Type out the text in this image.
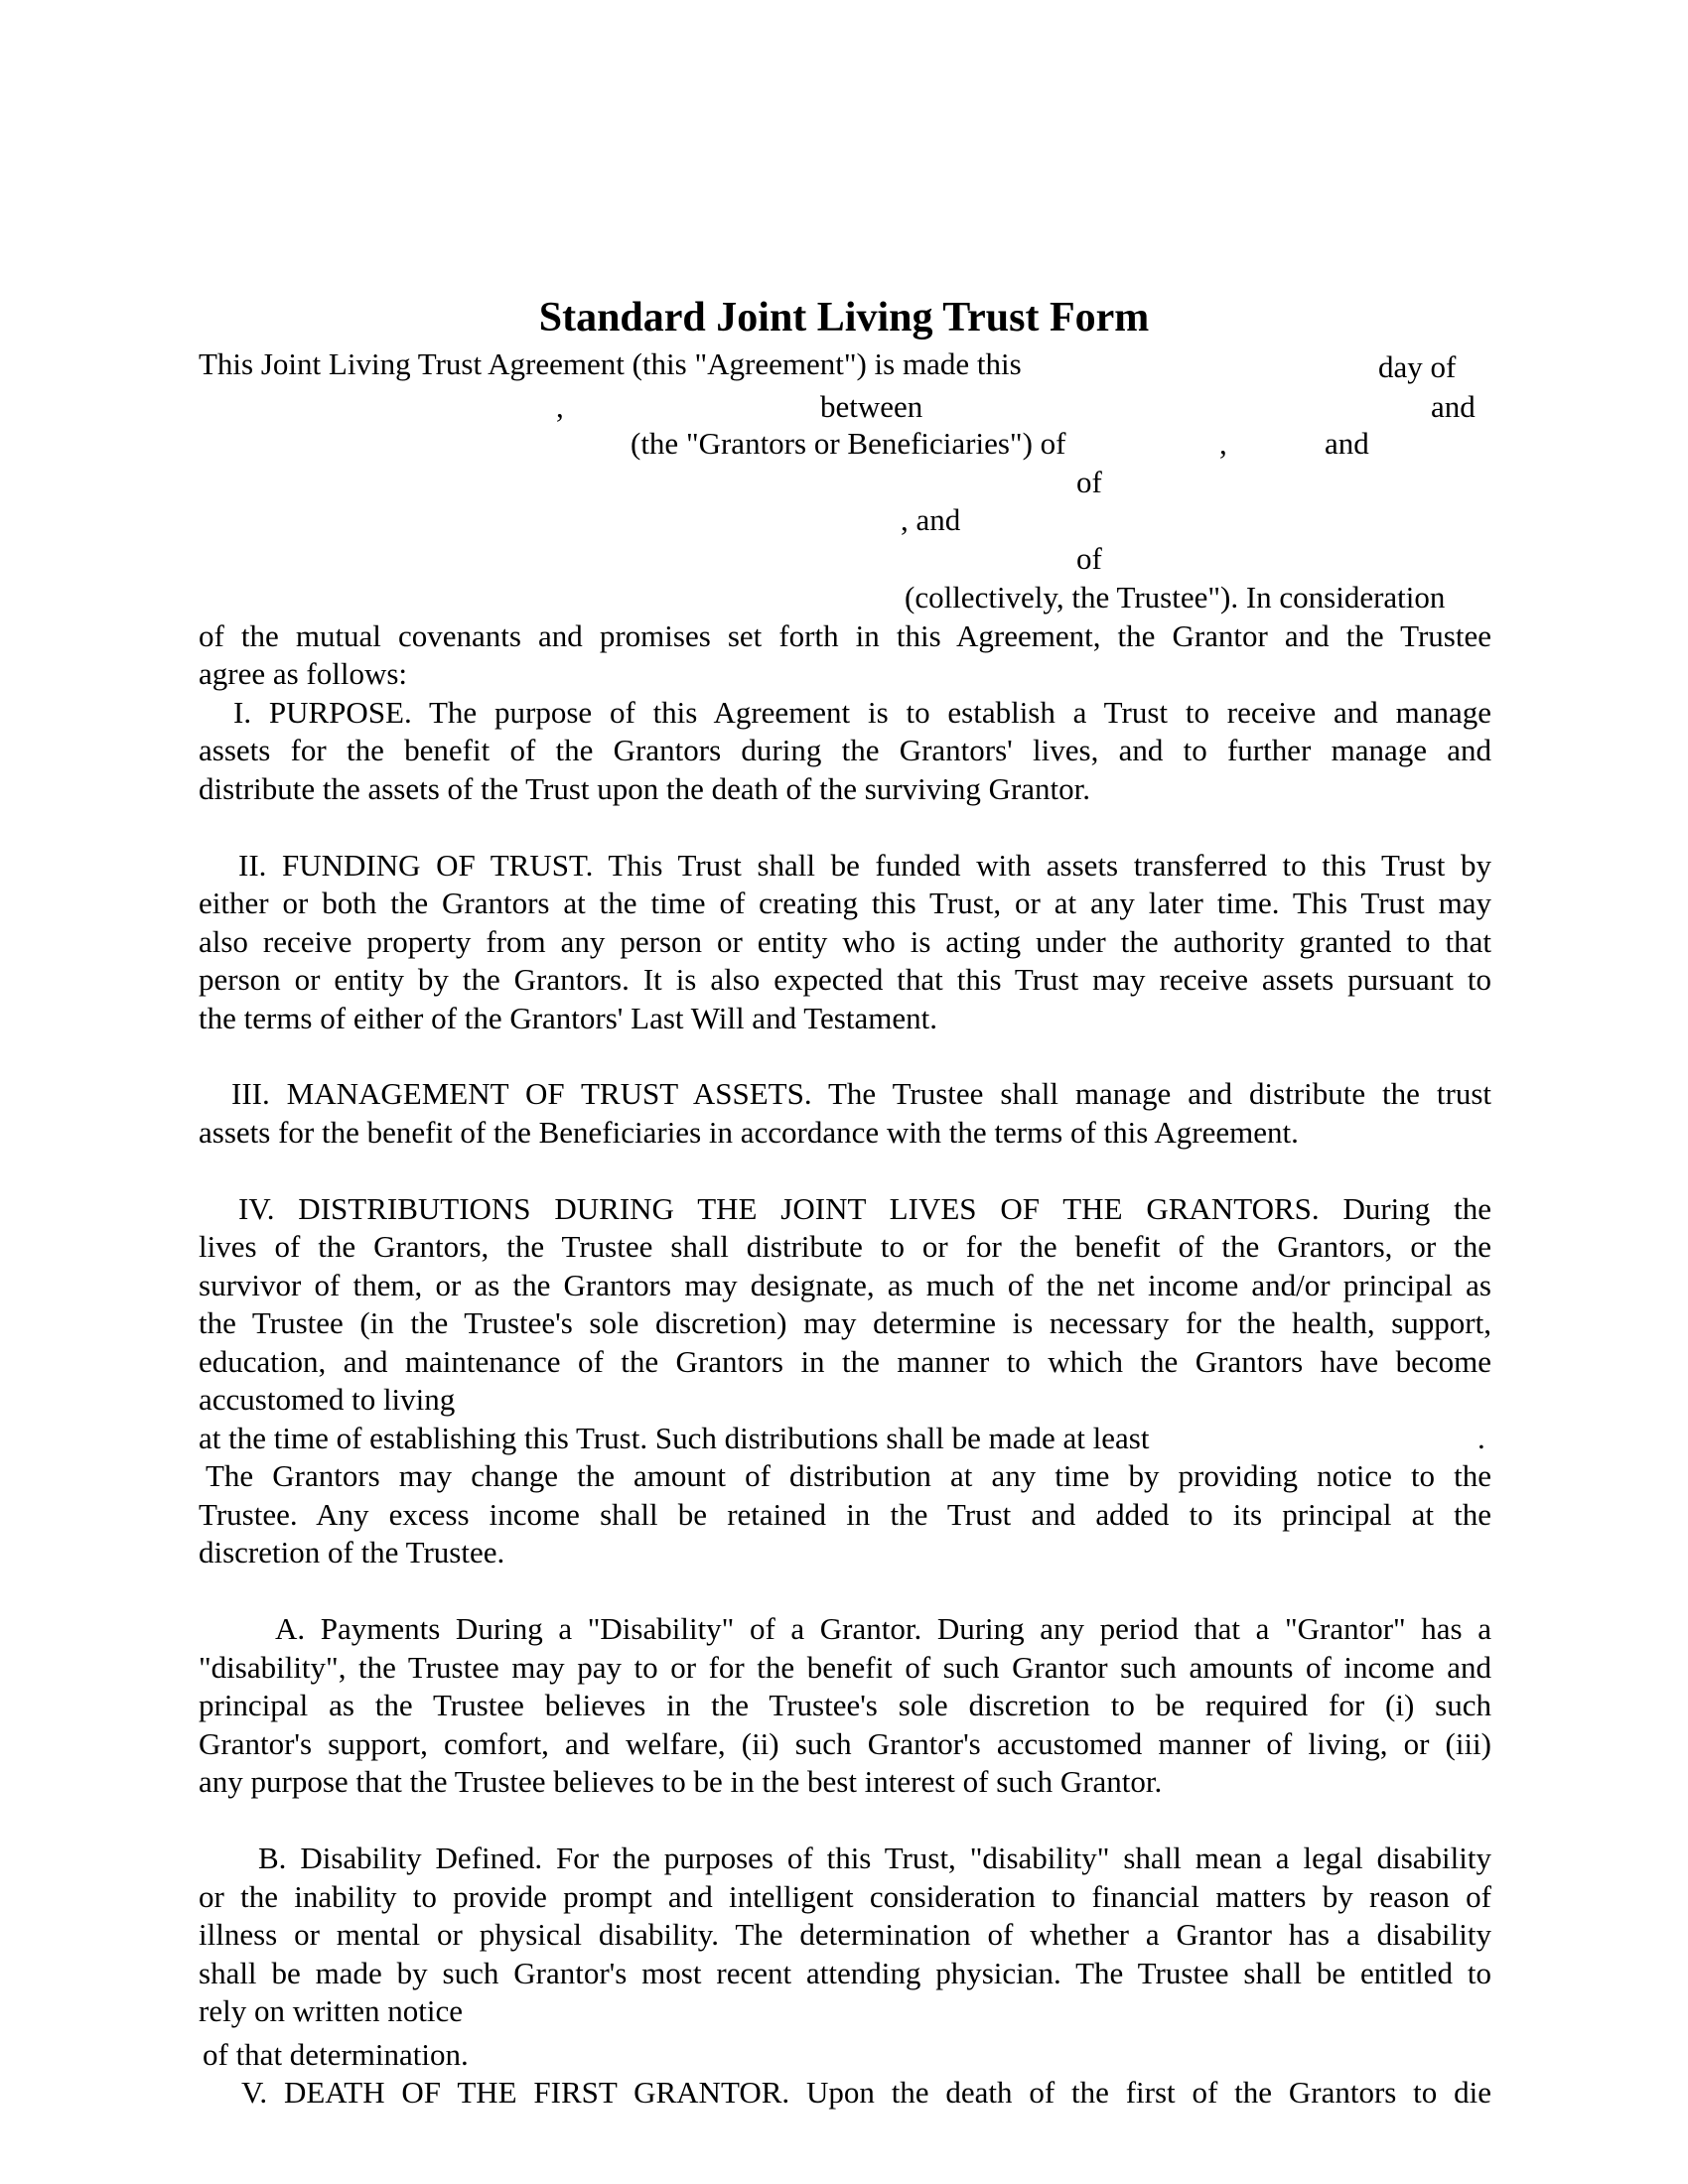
Standard Joint Living Trust Form
This Joint Living Trust Agreement (this "Agreement") is made this	day of
,	between	and
(the "Grantors or Beneficiaries") of	,	and
of
, and
of
(collectively, the Trustee"). In consideration
of the mutual covenants and promises set forth in this Agreement, the Grantor and the Trustee
agree as follows:
I. PURPOSE. The purpose of this Agreement is to establish a Trust to receive and manage
assets for the benefit of the Grantors during the Grantors' lives, and to further manage and
distribute the assets of the Trust upon the death of the surviving Grantor.
II. FUNDING OF TRUST. This Trust shall be funded with assets transferred to this Trust by
either or both the Grantors at the time of creating this Trust, or at any later time. This Trust may
also receive property from any person or entity who is acting under the authority granted to that
person or entity by the Grantors. It is also expected that this Trust may receive assets pursuant to
the terms of either of the Grantors' Last Will and Testament.
III. MANAGEMENT OF TRUST ASSETS. The Trustee shall manage and distribute the trust
assets for the benefit of the Beneficiaries in accordance with the terms of this Agreement.
IV. DISTRIBUTIONS DURING THE JOINT LIVES OF THE GRANTORS. During the
lives of the Grantors, the Trustee shall distribute to or for the benefit of the Grantors, or the
survivor of them, or as the Grantors may designate, as much of the net income and/or principal as
the Trustee (in the Trustee's sole discretion) may determine is necessary for the health, support,
education, and maintenance of the Grantors in the manner to which the Grantors have become
accustomed to living
at the time of establishing this Trust. Such distributions shall be made at least	.
The Grantors may change the amount of distribution at any time by providing notice to the
Trustee. Any excess income shall be retained in the Trust and added to its principal at the
discretion of the Trustee.
A. Payments During a "Disability" of a Grantor. During any period that a "Grantor" has a
"disability", the Trustee may pay to or for the benefit of such Grantor such amounts of income and
principal as the Trustee believes in the Trustee's sole discretion to be required for (i) such
Grantor's support, comfort, and welfare, (ii) such Grantor's accustomed manner of living, or (iii)
any purpose that the Trustee believes to be in the best interest of such Grantor.
B. Disability Defined. For the purposes of this Trust, "disability" shall mean a legal disability
or the inability to provide prompt and intelligent consideration to financial matters by reason of
illness or mental or physical disability. The determination of whether a Grantor has a disability
shall be made by such Grantor's most recent attending physician. The Trustee shall be entitled to
rely on written notice
of that determination.
V. DEATH OF THE FIRST GRANTOR. Upon the death of the first of the Grantors to die
